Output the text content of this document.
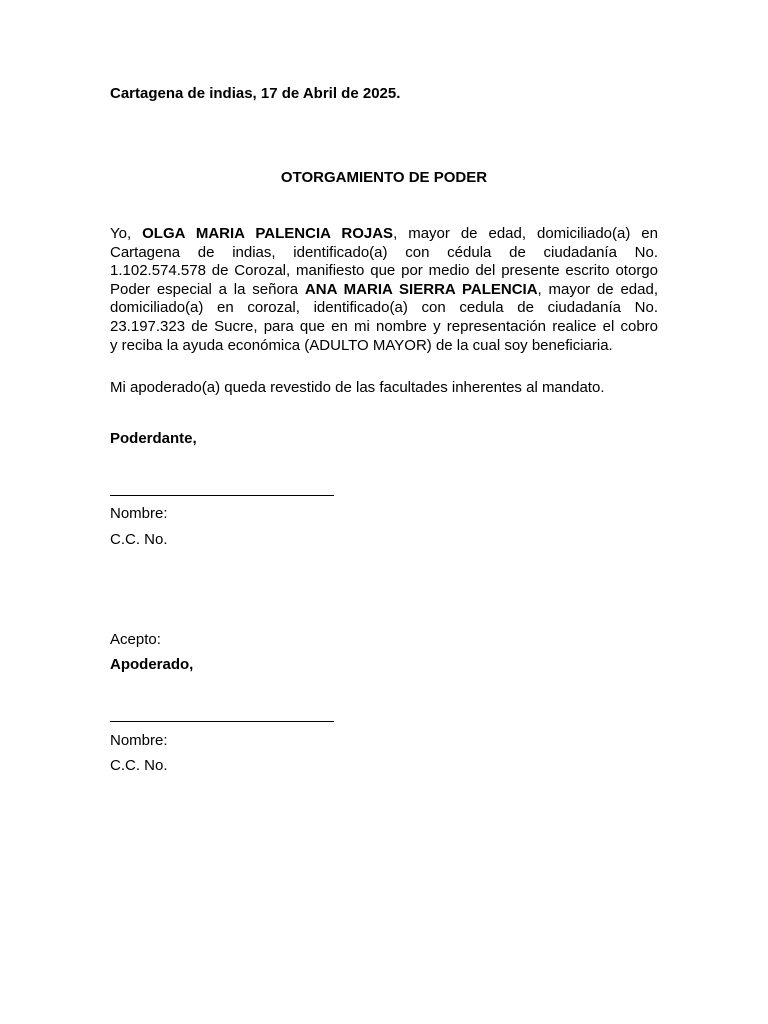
Cartagena de indias, 17 de Abril de 2025.

OTORGAMIENTO DE PODER

Yo, OLGA MARIA PALENCIA ROJAS, mayor de edad, domiciliado(a) en
Cartagena de indias, identificado(a) con cédula de ciudadanía No.
1.102.574.578 de Corozal, manifiesto que por medio del presente escrito otorgo
Poder especial a la señora ANA MARIA SIERRA PALENCIA, mayor de edad,
domiciliado(a) en corozal, identificado(a) con cedula de ciudadanía No.
23.197.323 de Sucre, para que en mi nombre y representación realice el cobro
y reciba la ayuda económica (ADULTO MAYOR) de la cual soy beneficiaria.

Mi apoderado(a) queda revestido de las facultades inherentes al mandato.

Poderdante,

Nombre:

C.C. No.

Acepto:

Apoderado,

Nombre:

C.C. No.
